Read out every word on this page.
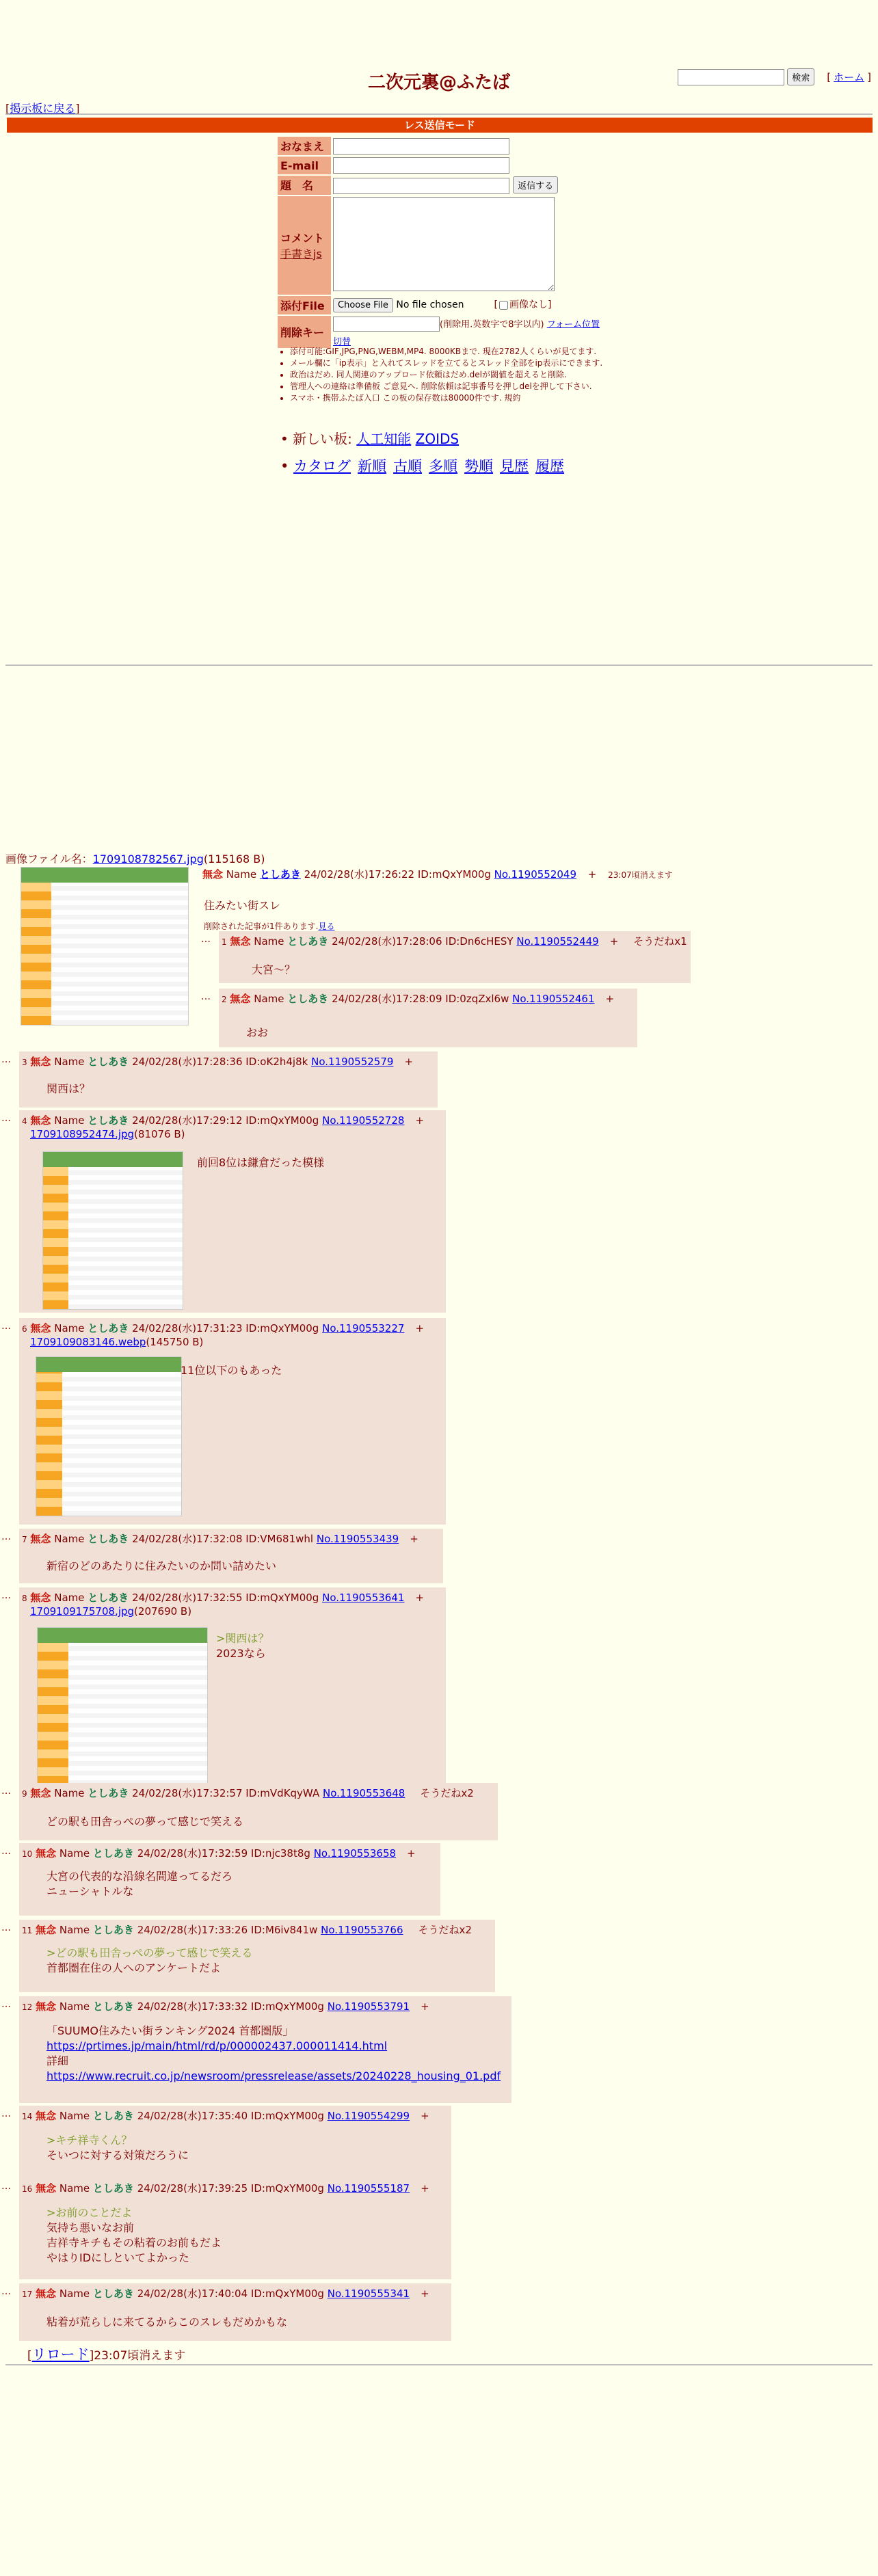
二次元裏@ふたば	検索	[ ホーム ]
[掲示板に戻る]
レス送信モード
おなまえ	
E-mail	
題　名	返信する

コメント
手書きjs	
添付File	Choose File No file chosen [ 画像なし]
削除キー	(削除用.英数字で8字以内) フォーム位置
	切替
• 添付可能:GIF,JPG,PNG,WEBM,MP4. 8000KBまで. 現在2782人くらいが見てます.
• メール欄に「ip表示」と入れてスレッドを立てるとスレッド全部をip表示にできます.
• 政治はだめ. 同人関連のアップロード依頼はだめ.delが閾値を超えると削除.
• 管理人への連絡は準備板 ご意見へ. 削除依頼は記事番号を押しdelを押して下さい.
• スマホ・携帯ふたば入口 この板の保存数は80000件です. 規約
• 新しい板: 人工知能 ZOIDS
• カタログ 新順 古順 多順 勢順 見歴 履歴
画像ファイル名：1709108782567.jpg(115168 B)
無念 Name としあき 24/02/28(水)17:26:22 ID:mQxYM00g No.1190552049 + 23:07頃消えます
住みたい街スレ
削除された記事が1件あります.見る
… 1 無念 Name としあき 24/02/28(水)17:28:06 ID:Dn6cHESY No.1190552449 + そうだねx1
大宮〜？
… 2 無念 Name としあき 24/02/28(水)17:28:09 ID:0zqZxl6w No.1190552461 +
おお
… 3 無念 Name としあき 24/02/28(水)17:28:36 ID:oK2h4j8k No.1190552579 +
関西は？
… 4 無念 Name としあき 24/02/28(水)17:29:12 ID:mQxYM00g No.1190552728 +
1709108952474.jpg(81076 B)
前回8位は鎌倉だった模様
… 6 無念 Name としあき 24/02/28(水)17:31:23 ID:mQxYM00g No.1190553227 +
1709109083146.webp(145750 B)
11位以下のもあった
… 7 無念 Name としあき 24/02/28(水)17:32:08 ID:VM681whl No.1190553439 +
新宿のどのあたりに住みたいのか問い詰めたい
… 8 無念 Name としあき 24/02/28(水)17:32:55 ID:mQxYM00g No.1190553641 +
1709109175708.jpg(207690 B)
>関西は？
2023なら
… 9 無念 Name としあき 24/02/28(水)17:32:57 ID:mVdKqyWA No.1190553648 そうだねx2
どの駅も田舎っぺの夢って感じで笑える
… 10 無念 Name としあき 24/02/28(水)17:32:59 ID:njc38t8g No.1190553658 +
大宮の代表的な沿線名間違ってるだろ
ニューシャトルな
… 11 無念 Name としあき 24/02/28(水)17:33:26 ID:M6iv841w No.1190553766 そうだねx2
>どの駅も田舎っぺの夢って感じで笑える
首都圏在住の人へのアンケートだよ
… 12 無念 Name としあき 24/02/28(水)17:33:32 ID:mQxYM00g No.1190553791 +
「SUUMO住みたい街ランキング2024 首都圏版」
https://prtimes.jp/main/html/rd/p/000002437.000011414.html
詳細
https://www.recruit.co.jp/newsroom/pressrelease/assets/20240228_housing_01.pdf
… 14 無念 Name としあき 24/02/28(水)17:35:40 ID:mQxYM00g No.1190554299 +
>キチ祥寺くん？
そいつに対する対策だろうに
… 16 無念 Name としあき 24/02/28(水)17:39:25 ID:mQxYM00g No.1190555187 +
>お前のことだよ
気持ち悪いなお前
吉祥寺キチもその粘着のお前もだよ
やはりIDにしといてよかった
… 17 無念 Name としあき 24/02/28(水)17:40:04 ID:mQxYM00g No.1190555341 +
粘着が荒らしに来てるからこのスレもだめかもな
[リロード]23:07頃消えます
